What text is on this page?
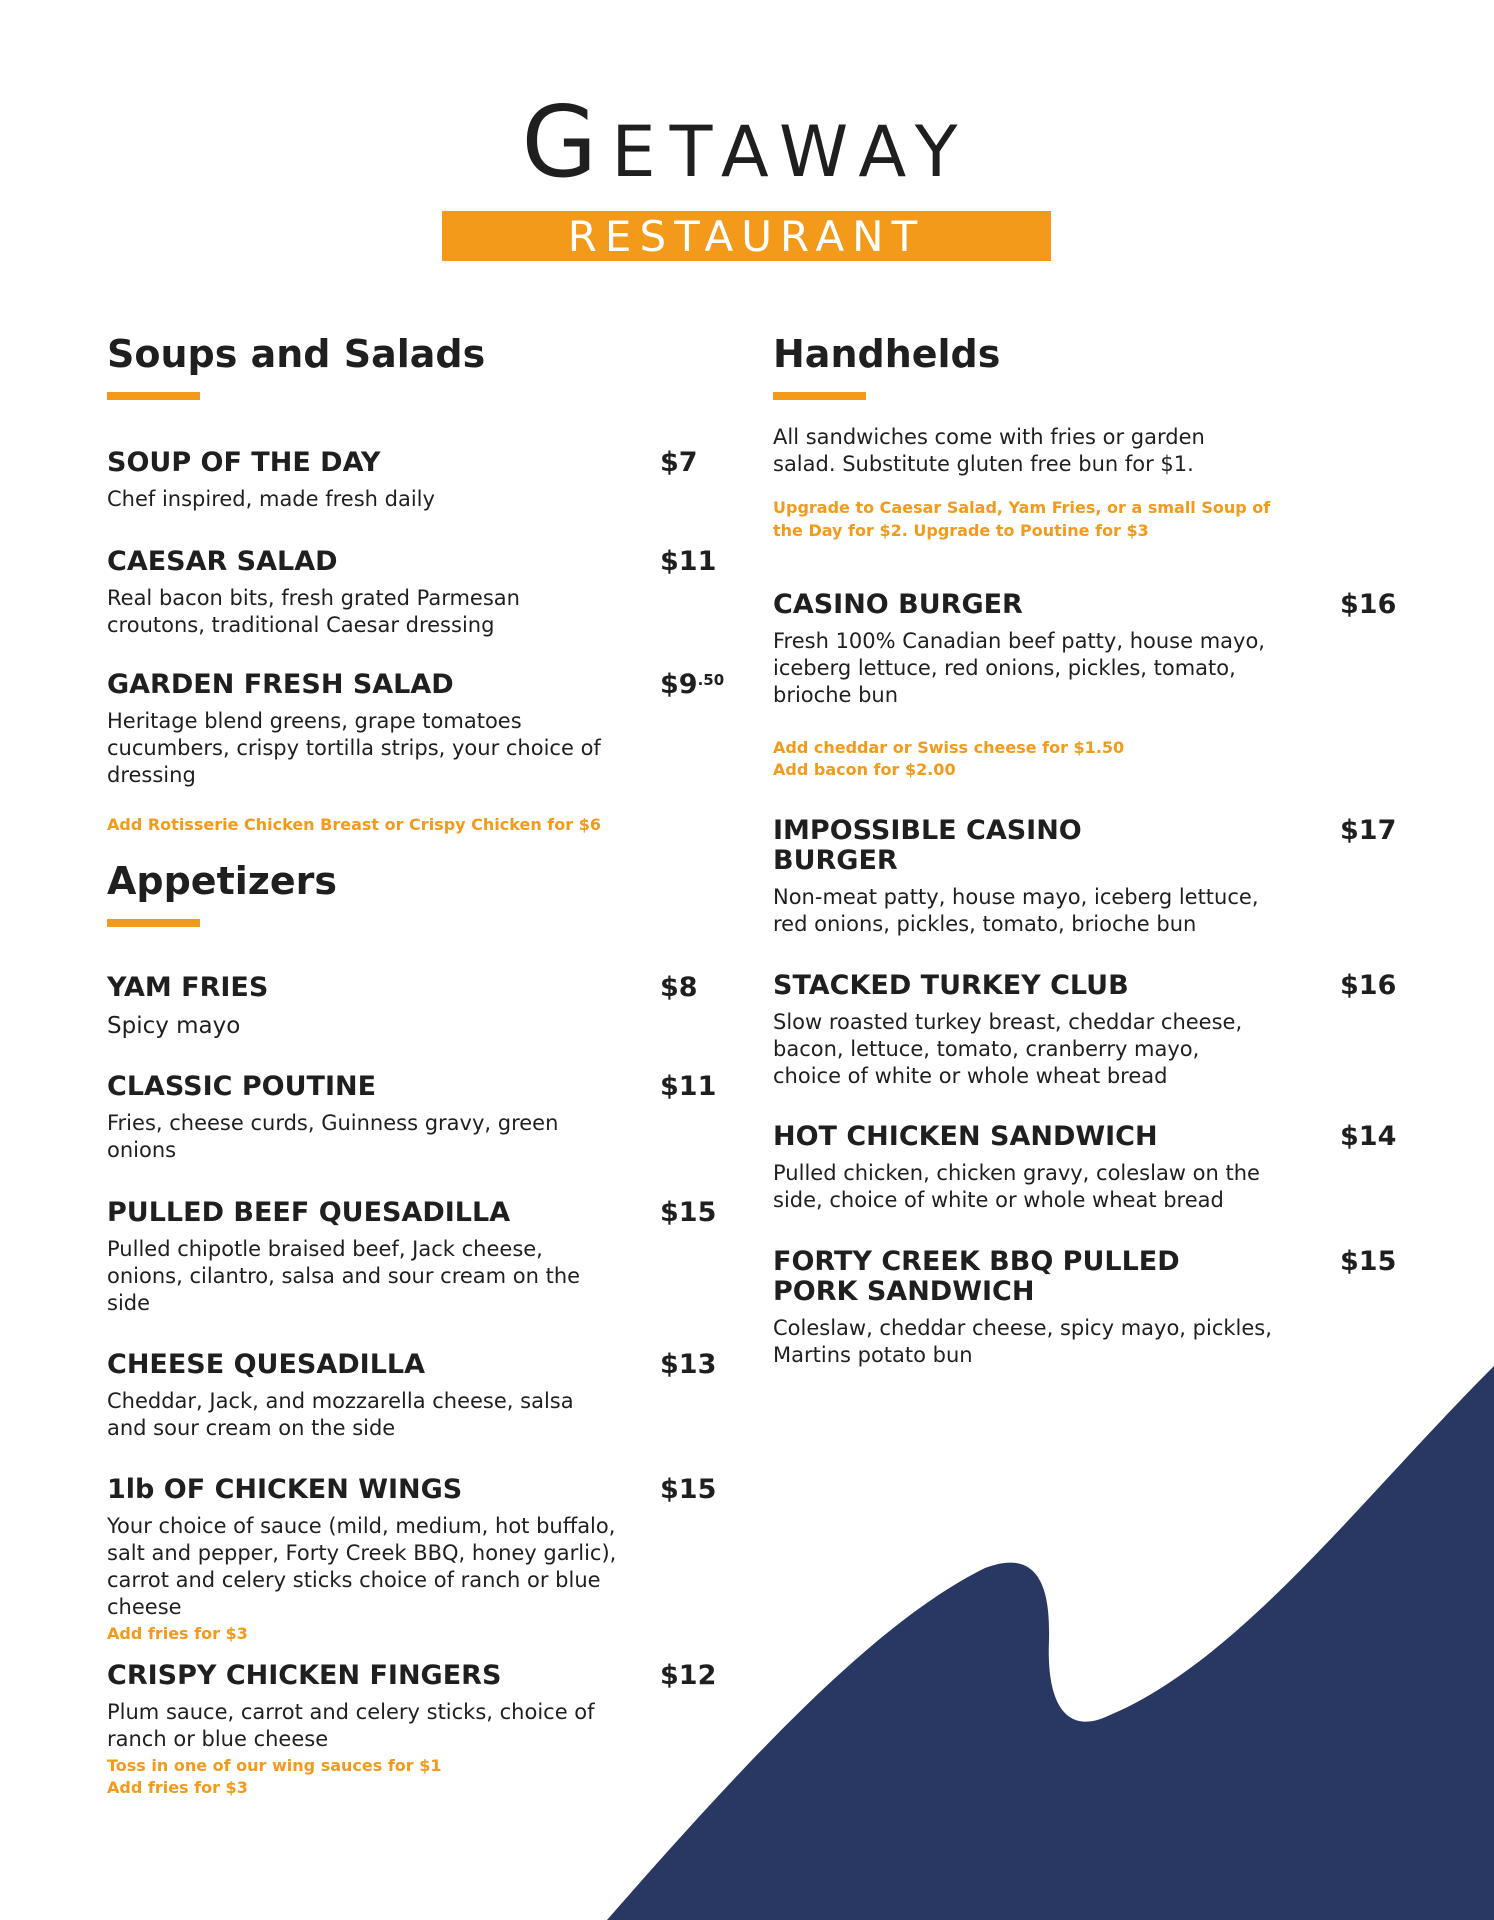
GETAWAY
RESTAURANT
Soups and Salads
SOUP OF THE DAY	$7
Chef inspired, made fresh daily
CAESAR SALAD	$11
Real bacon bits, fresh grated Parmesan croutons, traditional Caesar dressing
GARDEN FRESH SALAD	$\$9^{.50}$
Heritage blend greens, grape tomatoes cucumbers, crispy tortilla strips, your choice of dressing
Add Rotisserie Chicken Breast or Crispy Chicken for $6
Appetizers
YAM FRIES	$8
Spicy mayo
CLASSIC POUTINE	$11
Fries, cheese curds, Guinness gravy, green onions
PULLED BEEF QUESADILLA	$15
Pulled chipotle braised beef, Jack cheese, onions, cilantro, salsa and sour cream on the side
CHEESE QUESADILLA	$13
Cheddar, Jack, and mozzarella cheese, salsa and sour cream on the side
1lb OF CHICKEN WINGS	$15
Your choice of sauce (mild, medium, hot buffalo, salt and pepper, Forty Creek BBQ, honey garlic), carrot and celery sticks choice of ranch or blue cheese
Add fries for $3
CRISPY CHICKEN FINGERS	$12
Plum sauce, carrot and celery sticks, choice of ranch or blue cheese
Toss in one of our wing sauces for $1
Add fries for $3
Handhelds
All sandwiches come with fries or garden salad. Substitute gluten free bun for $1.
Upgrade to Caesar Salad, Yam Fries, or a small Soup of the Day for $2. Upgrade to Poutine for $3
CASINO BURGER	$16
Fresh 100% Canadian beef patty, house mayo, iceberg lettuce, red onions, pickles, tomato, brioche bun
Add cheddar or Swiss cheese for $1.50
Add bacon for $2.00
IMPOSSIBLE CASINO
BURGER
$17
Non-meat patty, house mayo, iceberg lettuce, red onions, pickles, tomato, brioche bun
STACKED TURKEY CLUB	$16
Slow roasted turkey breast, cheddar cheese, bacon, lettuce, tomato, cranberry mayo, choice of white or whole wheat bread
HOT CHICKEN SANDWICH	$14
Pulled chicken, chicken gravy, coleslaw on the side, choice of white or whole wheat bread
FORTY CREEK BBQ PULLED
PORK SANDWICH
$15
Coleslaw, cheddar cheese, spicy mayo, pickles, Martins potato bun
